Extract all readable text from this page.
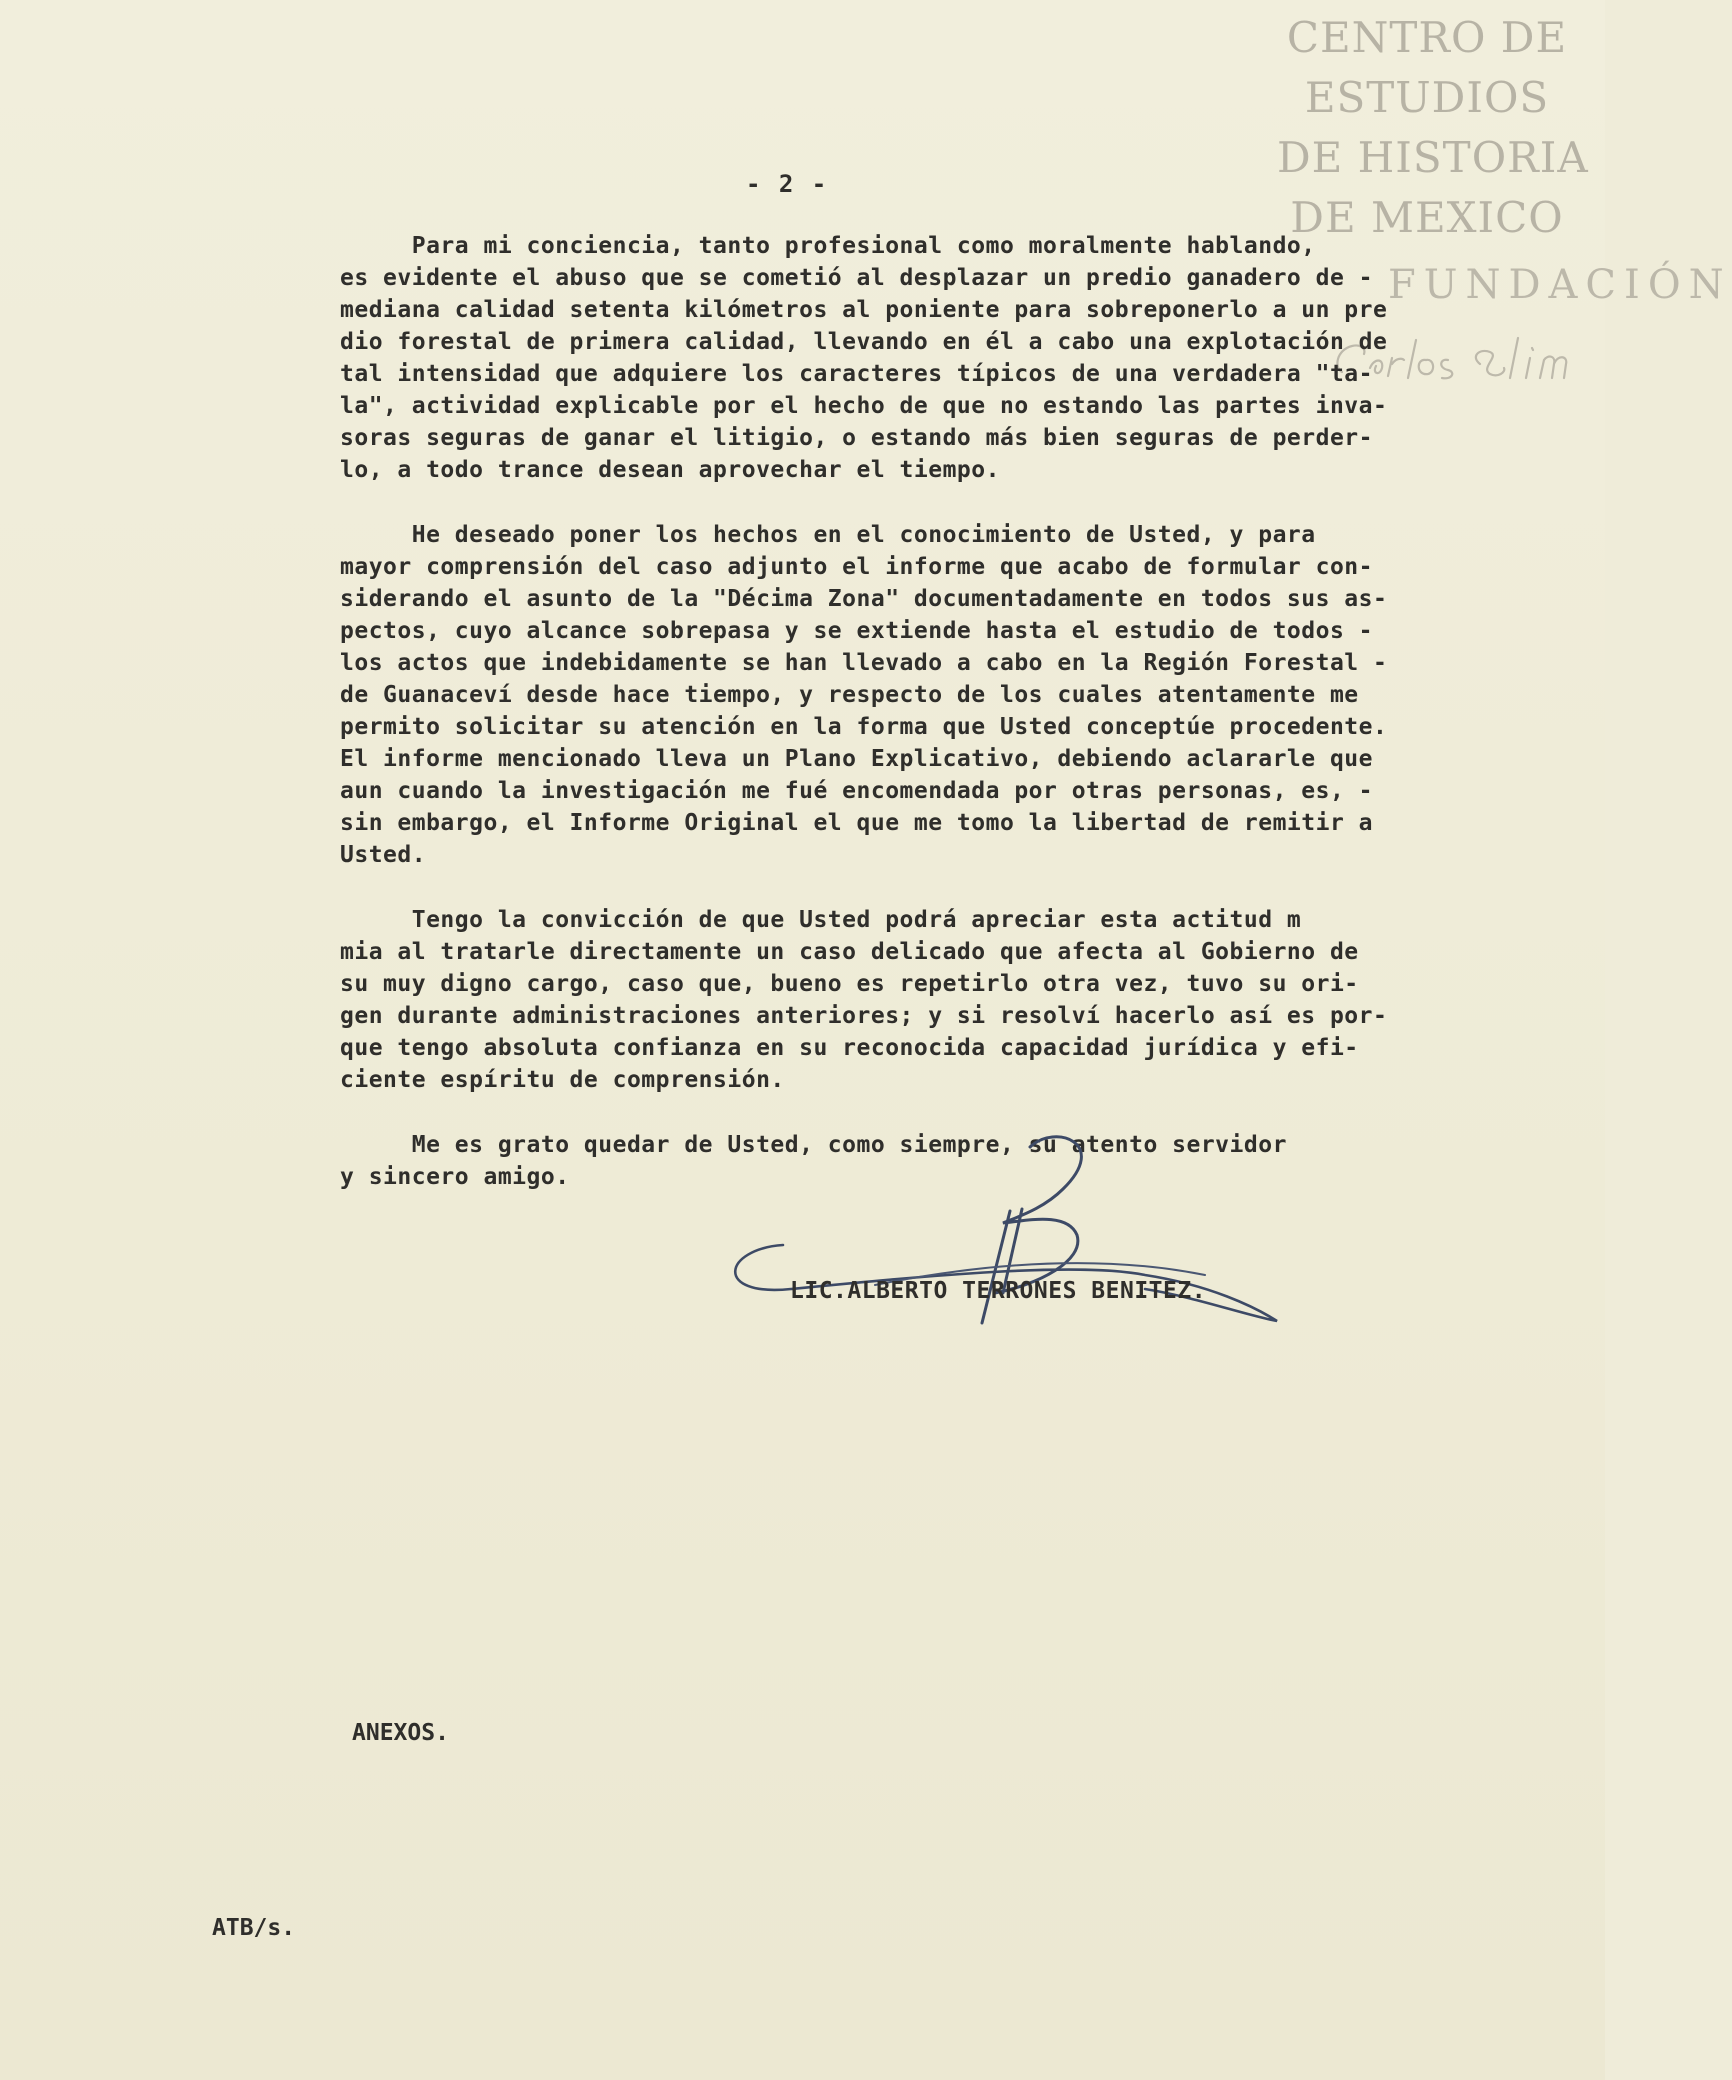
CENTRO DE
ESTUDIOS
DE HISTORIA
DE MEXICO
FUNDACIÓN
- 2 -
Para mi conciencia, tanto profesional como moralmente hablando,
es evidente el abuso que se cometió al desplazar un predio ganadero de -
mediana calidad setenta kilómetros al poniente para sobreponerlo a un pre
dio forestal de primera calidad, llevando en él a cabo una explotación de
tal intensidad que adquiere los caracteres típicos de una verdadera "ta-
la", actividad explicable por el hecho de que no estando las partes inva-
soras seguras de ganar el litigio, o estando más bien seguras de perder-
lo, a todo trance desean aprovechar el tiempo.
He deseado poner los hechos en el conocimiento de Usted, y para
mayor comprensión del caso adjunto el informe que acabo de formular con-
siderando el asunto de la "Décima Zona" documentadamente en todos sus as-
pectos, cuyo alcance sobrepasa y se extiende hasta el estudio de todos -
los actos que indebidamente se han llevado a cabo en la Región Forestal -
de Guanaceví desde hace tiempo, y respecto de los cuales atentamente me
permito solicitar su atención en la forma que Usted conceptúe procedente.
El informe mencionado lleva un Plano Explicativo, debiendo aclararle que
aun cuando la investigación me fué encomendada por otras personas, es, -
sin embargo, el Informe Original el que me tomo la libertad de remitir a
Usted.
Tengo la convicción de que Usted podrá apreciar esta actitud m
mia al tratarle directamente un caso delicado que afecta al Gobierno de
su muy digno cargo, caso que, bueno es repetirlo otra vez, tuvo su ori-
gen durante administraciones anteriores; y si resolví hacerlo así es por-
que tengo absoluta confianza en su reconocida capacidad jurídica y efi-
ciente espíritu de comprensión.
Me es grato quedar de Usted, como siempre, su atento servidor
y sincero amigo.
LIC.ALBERTO TERRONES BENITEZ.
ANEXOS.
ATB/s.
